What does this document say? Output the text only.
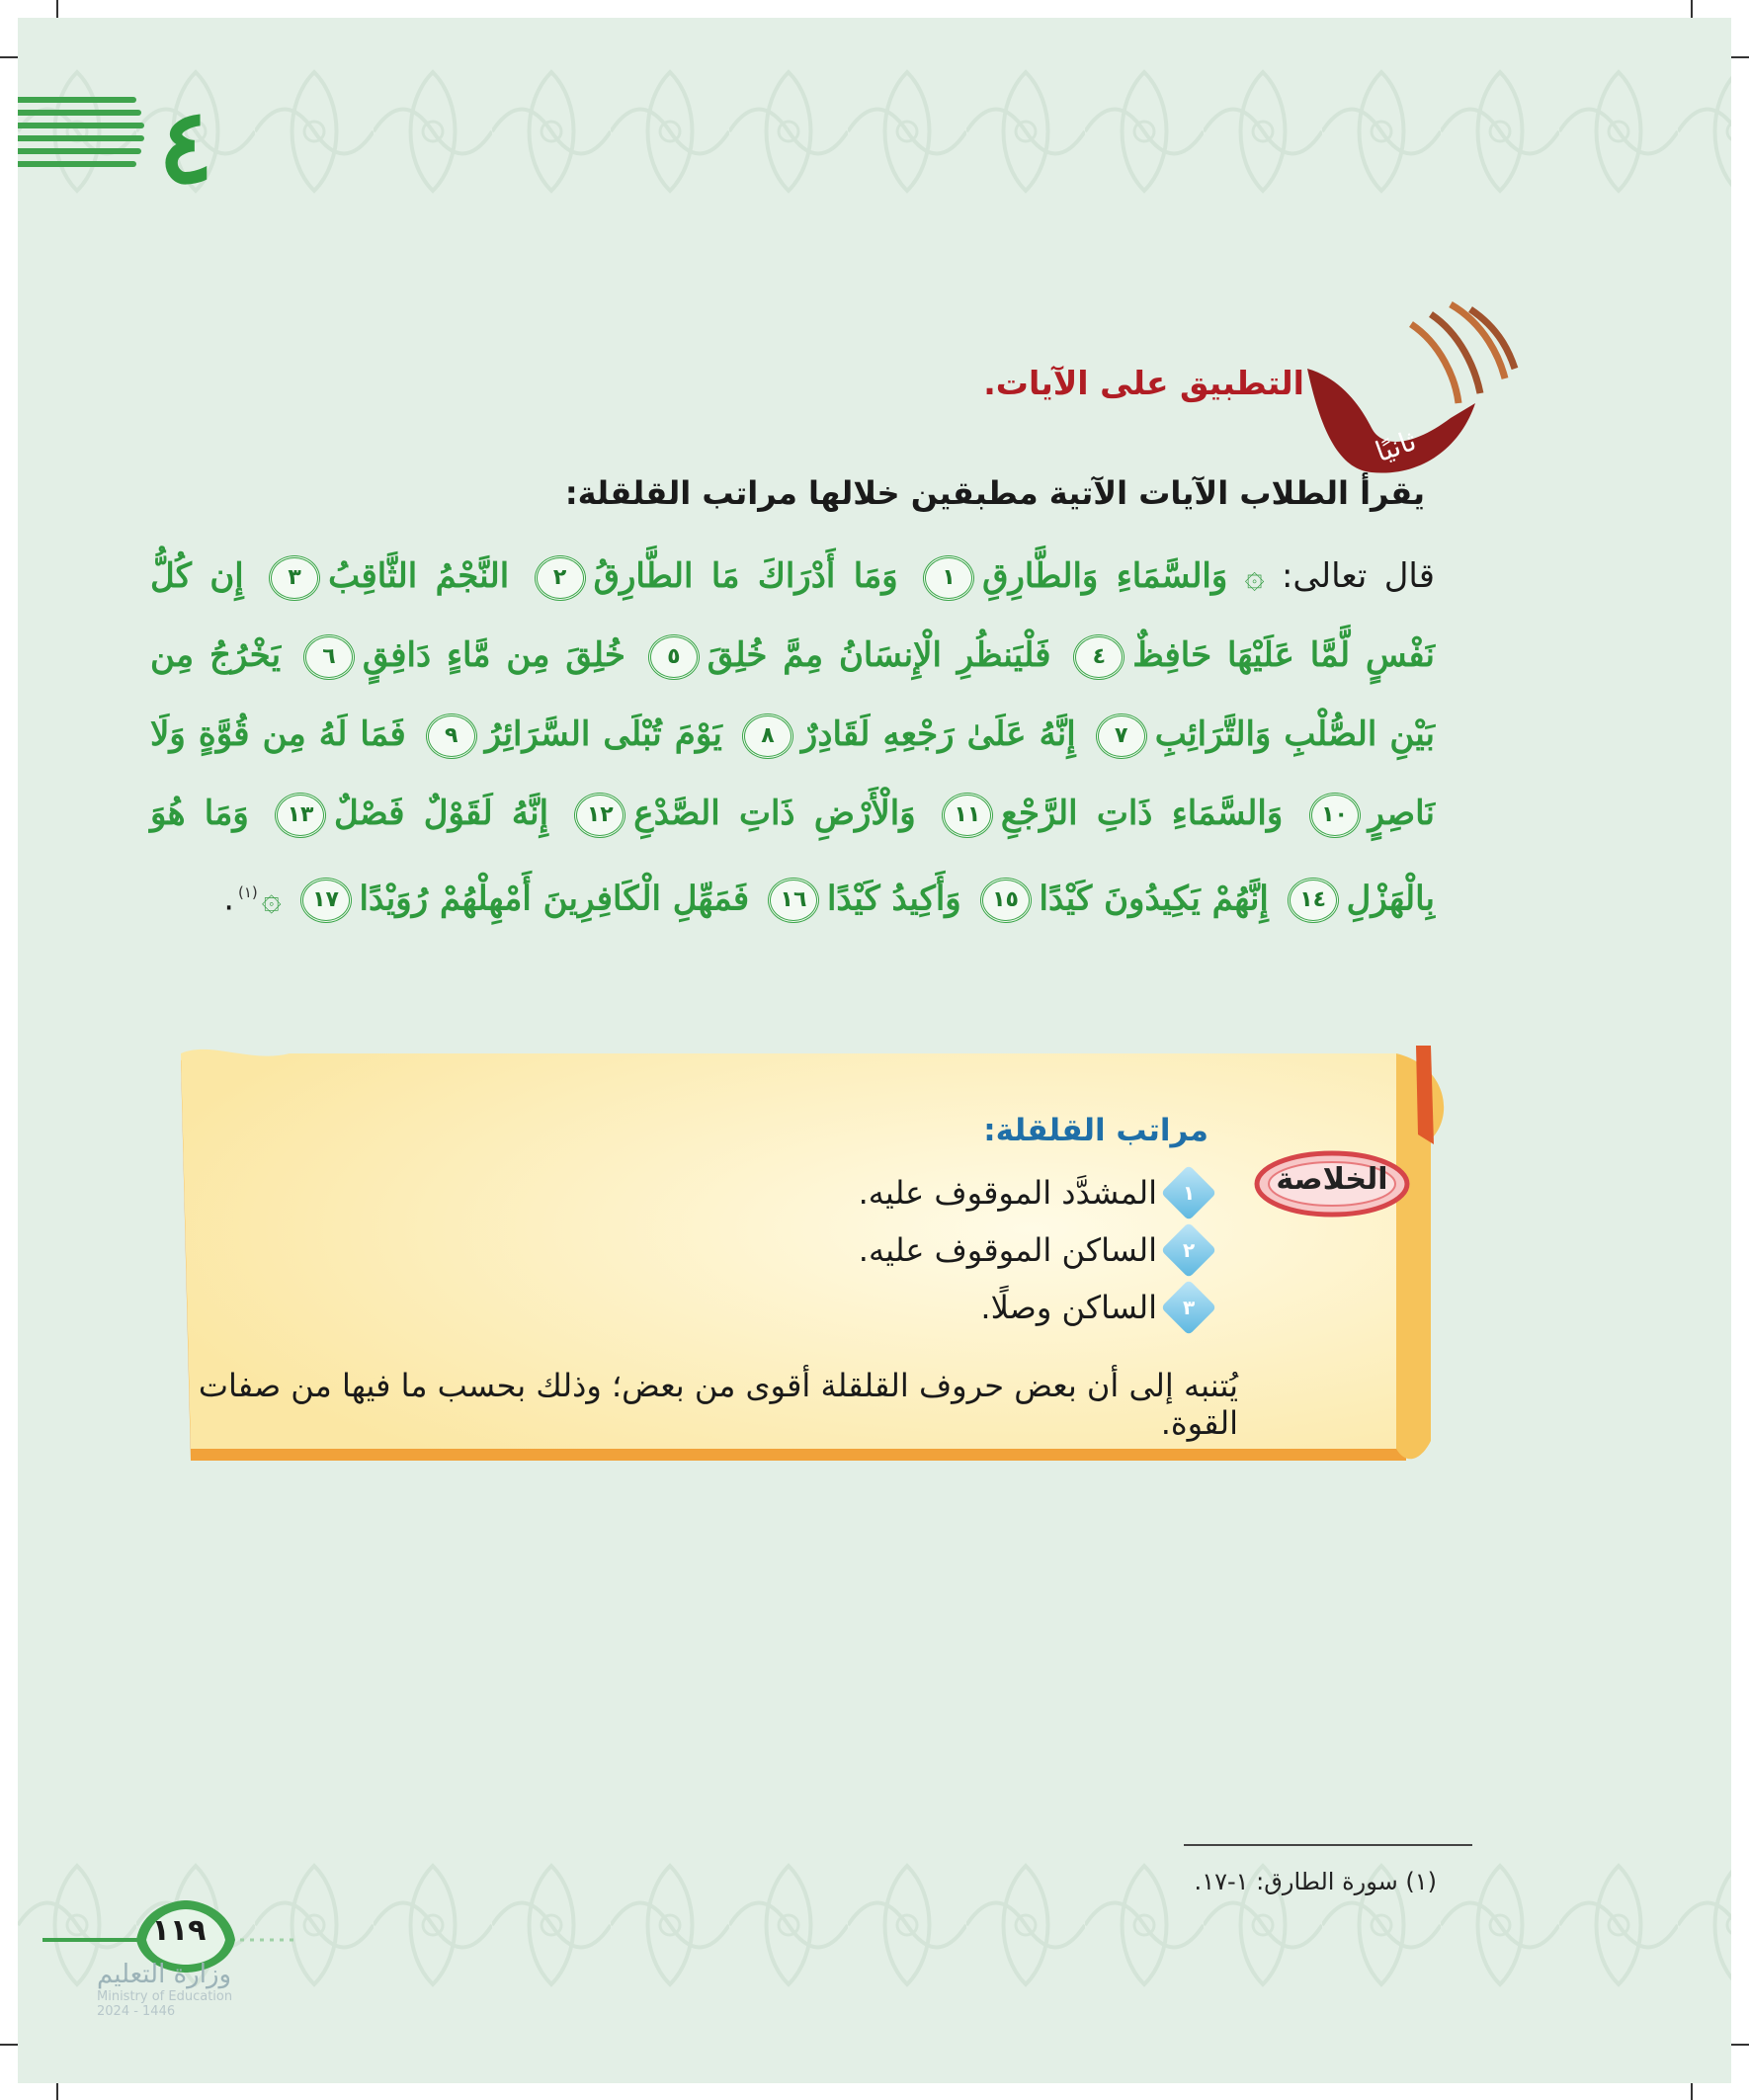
٤
ثانيًا

التطبيق على الآيات.

يقرأ الطلاب الآيات الآتية مطبقين خلالها مراتب القلقلة:

قال تعالى: ۞ وَالسَّمَاءِ وَالطَّارِقِ١ وَمَا أَدْرَاكَ مَا الطَّارِقُ٢ النَّجْمُ الثَّاقِبُ٣ إِن كُلُّ نَفْسٍ لَّمَّا عَلَيْهَا حَافِظٌ٤ فَلْيَنظُرِ الْإِنسَانُ مِمَّ خُلِقَ٥ خُلِقَ مِن مَّاءٍ دَافِقٍ٦ يَخْرُجُ مِن بَيْنِ الصُّلْبِ وَالتَّرَائِبِ٧ إِنَّهُ عَلَىٰ رَجْعِهِ لَقَادِرٌ٨ يَوْمَ تُبْلَى السَّرَائِرُ٩ فَمَا لَهُ مِن قُوَّةٍ وَلَا نَاصِرٍ١٠ وَالسَّمَاءِ ذَاتِ الرَّجْعِ١١ وَالْأَرْضِ ذَاتِ الصَّدْعِ١٢ إِنَّهُ لَقَوْلٌ فَصْلٌ١٣ وَمَا هُوَ بِالْهَزْلِ١٤ إِنَّهُمْ يَكِيدُونَ كَيْدًا١٥ وَأَكِيدُ كَيْدًا١٦ فَمَهِّلِ الْكَافِرِينَ أَمْهِلْهُمْ رُوَيْدًا١٧ ۞$^{(١)}$.

الخلاصة

مراتب القلقلة:

١
المشدَّد الموقوف عليه.
٢
الساكن الموقوف عليه.
٣
الساكن وصلًا.

يُتنبه إلى أن بعض حروف القلقلة أقوى من بعض؛ وذلك بحسب ما فيها من صفات القوة.

(١) سورة الطارق: ١-١٧.

١١٩

وزارة التعليم

Ministry of Education

2024 - 1446
